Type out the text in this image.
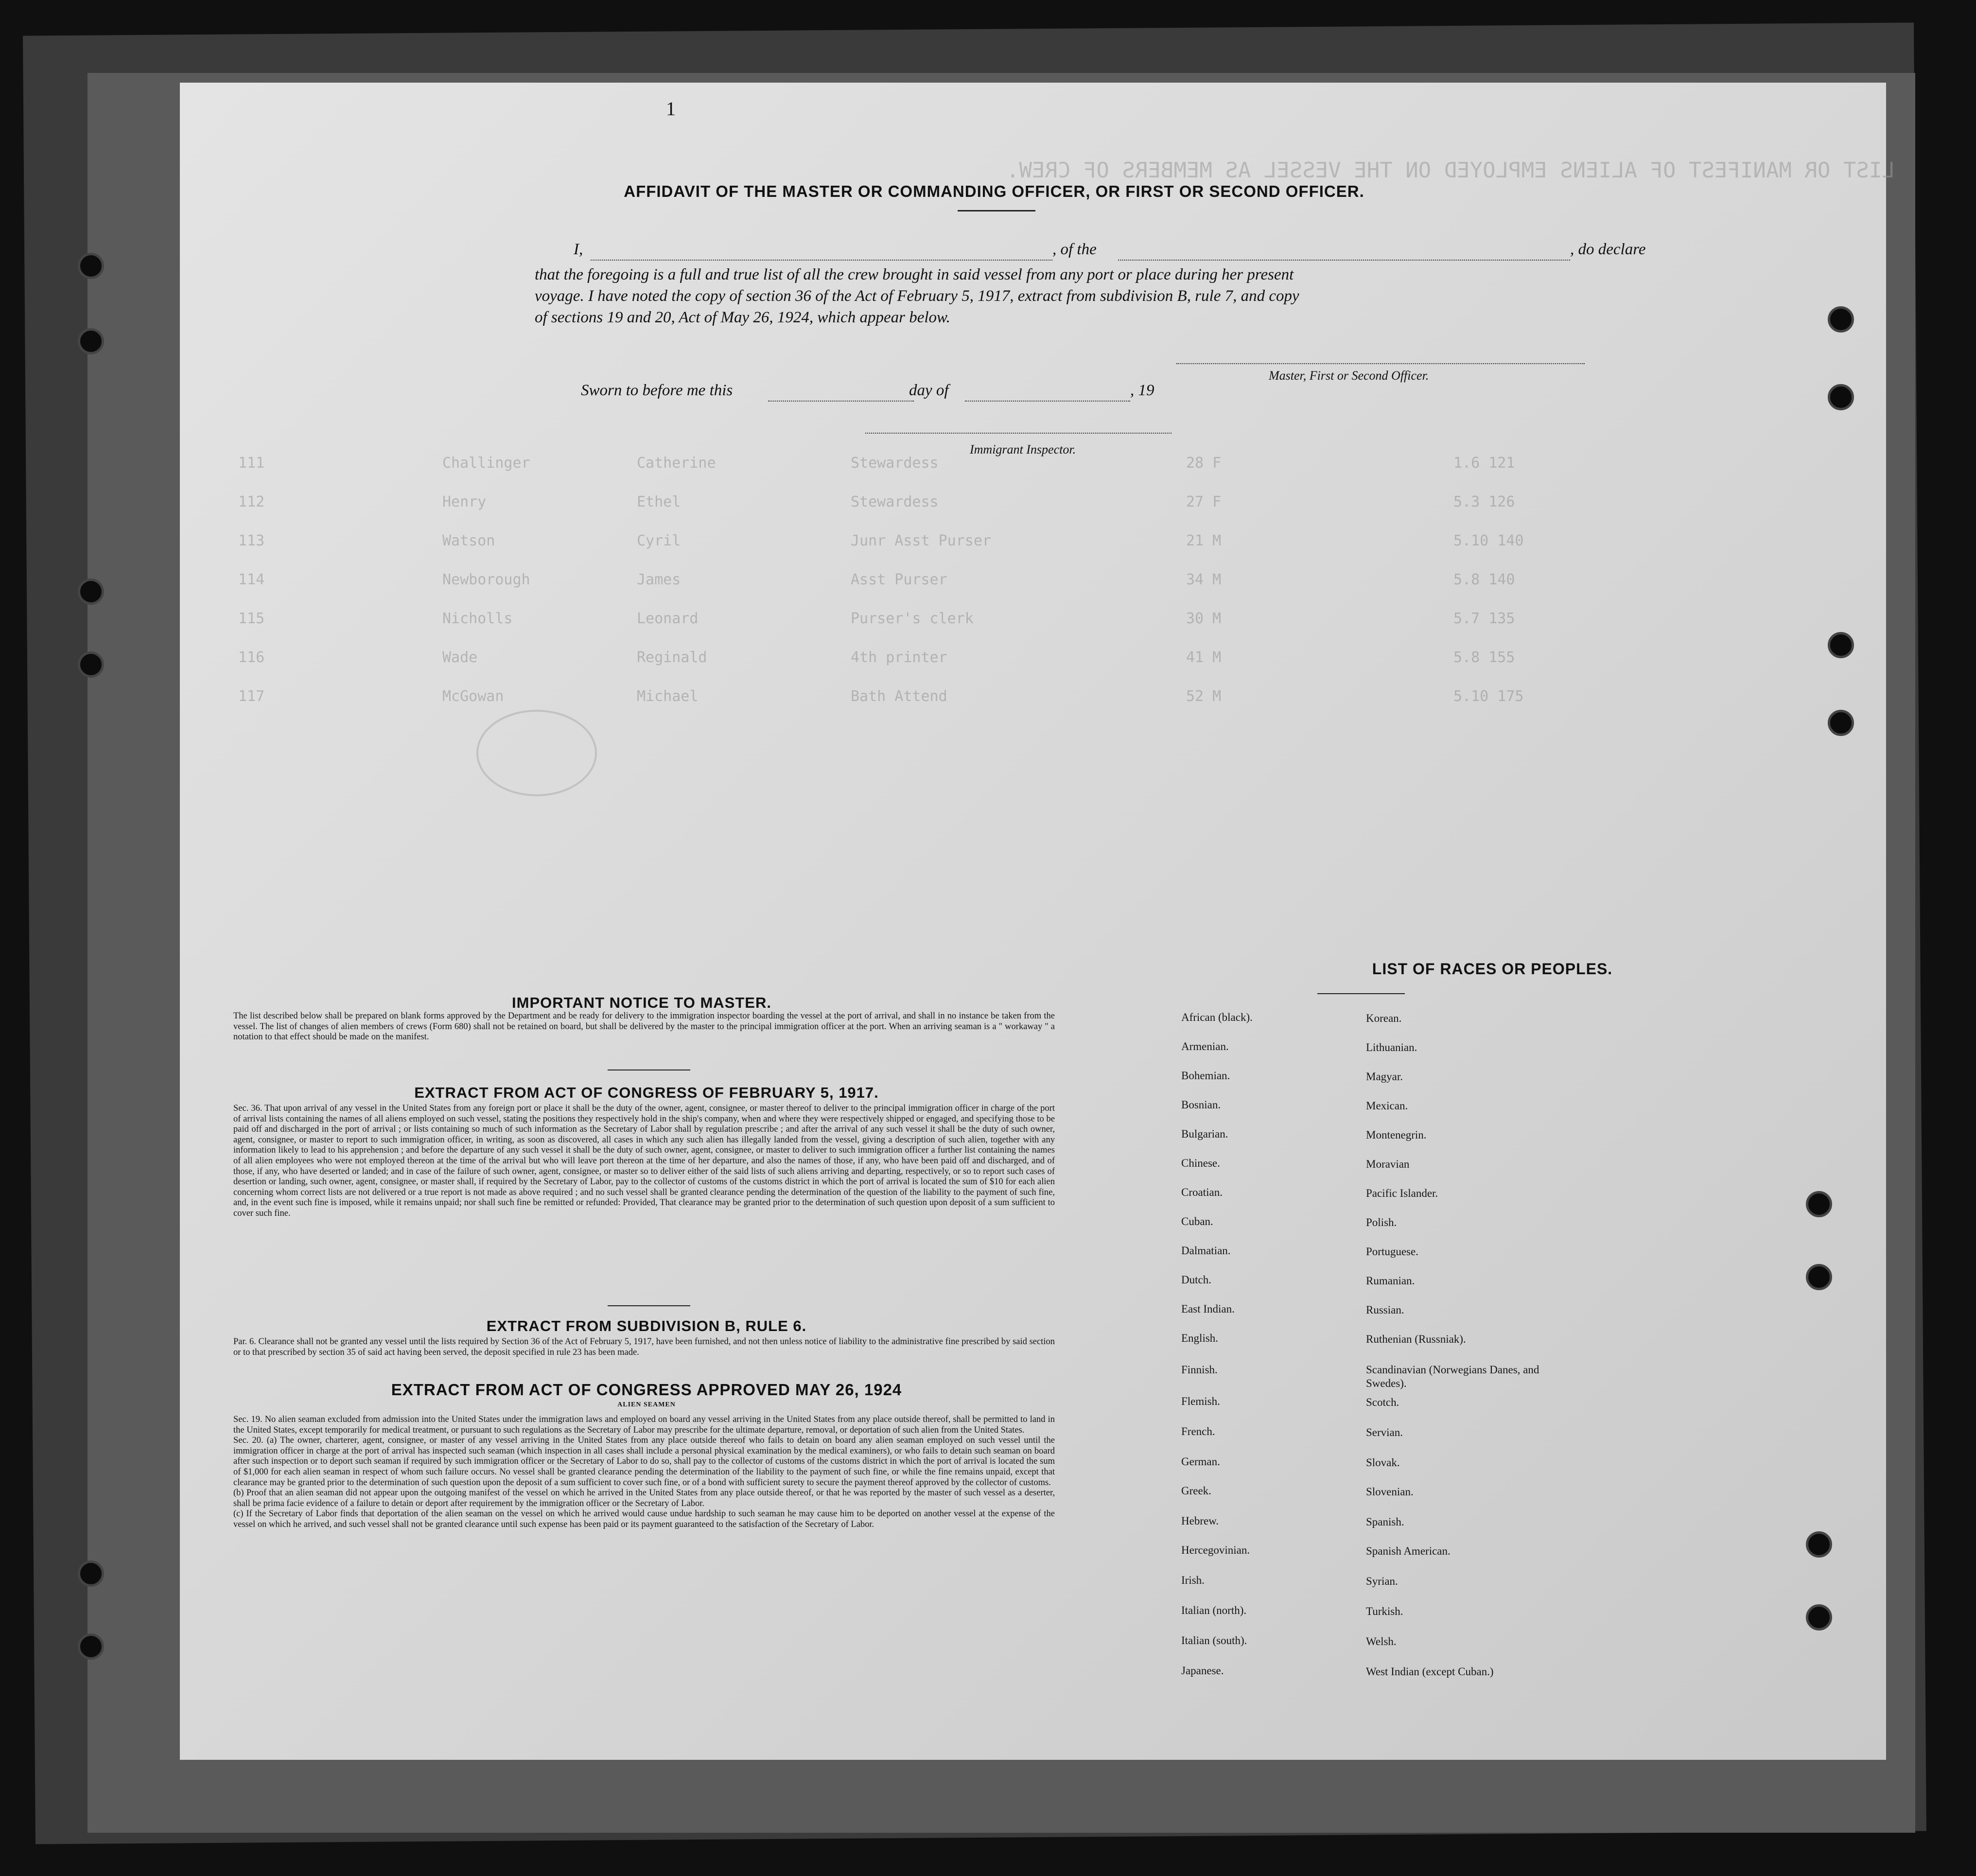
LIST OR MANIFEST OF ALIENS EMPLOYED ON THE VESSEL AS MEMBERS OF CREW.
111	Challinger	Catherine	Stewardess	28 F	1.6 121
112	Henry	Ethel	Stewardess	27 F	5.3 126
113	Watson	Cyril	Junr Asst Purser	21 M	5.10 140
114	Newborough	James	Asst Purser	34 M	5.8 140
115	Nicholls	Leonard	Purser's clerk	30 M	5.7 135
116	Wade	Reginald	4th printer	41 M	5.8 155
117	McGowan	Michael	Bath Attend	52 M	5.10 175
1
AFFIDAVIT OF THE MASTER OR COMMANDING OFFICER, OR FIRST OR SECOND OFFICER.
I,	, of the	, do declare
that the foregoing is a full and true list of all the crew brought in said vessel from any port or place during her present
voyage. I have noted the copy of section 36 of the Act of February 5, 1917, extract from subdivision B, rule 7, and copy
of sections 19 and 20, Act of May 26, 1924, which appear below.
Master, First or Second Officer.
Sworn to before me this	day of	, 19
Immigrant Inspector.
IMPORTANT NOTICE TO MASTER.
The list described below shall be prepared on blank forms approved by the Department and be ready for delivery to the immigration inspector boarding the vessel at the port of arrival, and shall in no instance be taken from the vessel. The list of changes of alien members of crews (Form 680) shall not be retained on board, but shall be delivered by the master to the principal immigration officer at the port. When an arriving seaman is a " workaway " a notation to that effect should be made on the manifest.
EXTRACT FROM ACT OF CONGRESS OF FEBRUARY 5, 1917.
Sec. 36. That upon arrival of any vessel in the United States from any foreign port or place it shall be the duty of the owner, agent, consignee, or master thereof to deliver to the principal immigration officer in charge of the port of arrival lists containing the names of all aliens employed on such vessel, stating the positions they respectively hold in the ship's company, when and where they were respectively shipped or engaged, and specifying those to be paid off and discharged in the port of arrival ; or lists containing so much of such information as the Secretary of Labor shall by regulation prescribe ; and after the arrival of any such vessel it shall be the duty of such owner, agent, consignee, or master to report to such immigration officer, in writing, as soon as discovered, all cases in which any such alien has illegally landed from the vessel, giving a description of such alien, together with any information likely to lead to his apprehension ; and before the departure of any such vessel it shall be the duty of such owner, agent, consignee, or master to deliver to such immigration officer a further list containing the names of all alien employees who were not employed thereon at the time of the arrival but who will leave port thereon at the time of her departure, and also the names of those, if any, who have been paid off and discharged, and of those, if any, who have deserted or landed; and in case of the failure of such owner, agent, consignee, or master so to deliver either of the said lists of such aliens arriving and departing, respectively, or so to report such cases of desertion or landing, such owner, agent, consignee, or master shall, if required by the Secretary of Labor, pay to the collector of customs of the customs district in which the port of arrival is located the sum of $10 for each alien concerning whom correct lists are not delivered or a true report is not made as above required ; and no such vessel shall be granted clearance pending the determination of the question of the liability to the payment of such fine, and, in the event such fine is imposed, while it remains unpaid; nor shall such fine be remitted or refunded: Provided, That clearance may be granted prior to the determination of such question upon deposit of a sum sufficient to cover such fine.
EXTRACT FROM SUBDIVISION B, RULE 6.
Par. 6. Clearance shall not be granted any vessel until the lists required by Section 36 of the Act of February 5, 1917, have been furnished, and not then unless notice of liability to the administrative fine prescribed by said section or to that prescribed by section 35 of said act having been served, the deposit specified in rule 23 has been made.
EXTRACT FROM ACT OF CONGRESS APPROVED MAY 26, 1924
ALIEN SEAMEN

Sec. 19. No alien seaman excluded from admission into the United States under the immigration laws and employed on board any vessel arriving in the United States from any place outside thereof, shall be permitted to land in the United States, except temporarily for medical treatment, or pursuant to such regulations as the Secretary of Labor may prescribe for the ultimate departure, removal, or deportation of such alien from the United States.

Sec. 20. (a) The owner, charterer, agent, consignee, or master of any vessel arriving in the United States from any place outside thereof who fails to detain on board any alien seaman employed on such vessel until the immigration officer in charge at the port of arrival has inspected such seaman (which inspection in all cases shall include a personal physical examination by the medical examiners), or who fails to detain such seaman on board after such inspection or to deport such seaman if required by such immigration officer or the Secretary of Labor to do so, shall pay to the collector of customs of the customs district in which the port of arrival is located the sum of $1,000 for each alien seaman in respect of whom such failure occurs. No vessel shall be granted clearance pending the determination of the liability to the payment of such fine, or while the fine remains unpaid, except that clearance may be granted prior to the determination of such question upon the deposit of a sum sufficient to cover such fine, or of a bond with sufficient surety to secure the payment thereof approved by the collector of customs.

(b) Proof that an alien seaman did not appear upon the outgoing manifest of the vessel on which he arrived in the United States from any place outside thereof, or that he was reported by the master of such vessel as a deserter, shall be prima facie evidence of a failure to detain or deport after requirement by the immigration officer or the Secretary of Labor.

(c) If the Secretary of Labor finds that deportation of the alien seaman on the vessel on which he arrived would cause undue hardship to such seaman he may cause him to be deported on another vessel at the expense of the vessel on which he arrived, and such vessel shall not be granted clearance until such expense has been paid or its payment guaranteed to the satisfaction of the Secretary of Labor.

LIST OF RACES OR PEOPLES.
African (black).
Armenian.
Bohemian.
Bosnian.
Bulgarian.
Chinese.
Croatian.
Cuban.
Dalmatian.
Dutch.
East Indian.
English.
Finnish.
Flemish.
French.
German.
Greek.
Hebrew.
Hercegovinian.
Irish.
Italian (north).
Italian (south).
Japanese.
Korean.
Lithuanian.
Magyar.
Mexican.
Montenegrin.
Moravian
Pacific Islander.
Polish.
Portuguese.
Rumanian.
Russian.
Ruthenian (Russniak).
Scandinavian (Norwegians Danes, and Swedes).
Scotch.
Servian.
Slovak.
Slovenian.
Spanish.
Spanish American.
Syrian.
Turkish.
Welsh.
West Indian (except Cuban.)
